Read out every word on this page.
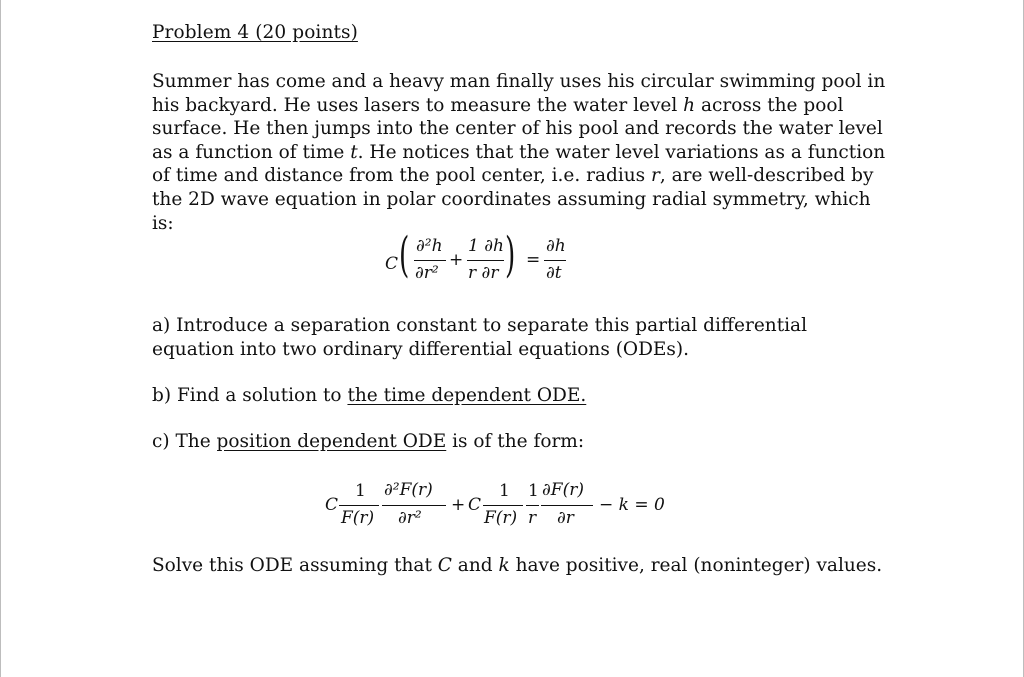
Problem 4 (20 points)

Summer has come and a heavy man finally uses his circular swimming pool in his backyard. He uses lasers to measure the water level h across the pool surface. He then jumps into the center of his pool and records the water level as a function of time t. He notices that the water level variations as a function of time and distance from the pool center, i.e. radius r, are well-described by the 2D wave equation in polar coordinates assuming radial symmetry, which is:

C ( ∂²h
∂r²
+
1 ∂h
r ∂r ) =
∂h
∂t

a) Introduce a separation constant to separate this partial differential equation into two ordinary differential equations (ODEs).

b) Find a solution to the time dependent ODE.

c) The position dependent ODE is of the form:

C
1
F(r)
∂²F(r)
∂r²
+ C
1
F(r)
1
r
∂F(r)
∂r
− k = 0

Solve this ODE assuming that C and k have positive, real (noninteger) values.
